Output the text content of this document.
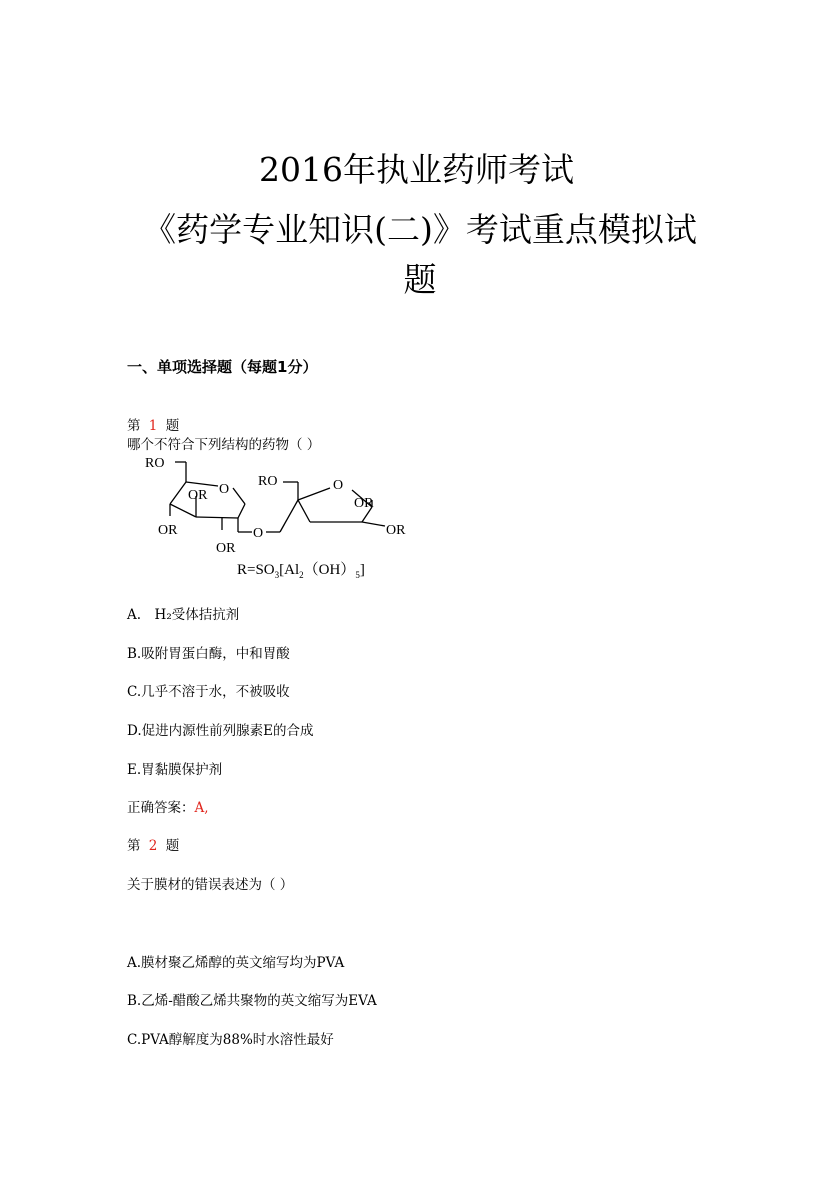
2016年执业药师考试
《药学专业知识(二)》考试重点模拟试题
一、单项选择题（每题1分）
第 1 题
哪个不符合下列结构的药物（ ）
RO
OR O
OR
OR
O
RO	O
OR
OR
$R=SO_3[Al_2(OH)_5]$
A.　H₂受体拮抗剂
B.吸附胃蛋白酶，中和胃酸
C.几乎不溶于水，不被吸收
D.促进内源性前列腺素E的合成
E.胃黏膜保护剂
正确答案：A,
第 2 题
关于膜材的错误表述为（ ）
A.膜材聚乙烯醇的英文缩写均为PVA
B.乙烯-醋酸乙烯共聚物的英文缩写为EVA
C.PVA醇解度为88%时水溶性最好
